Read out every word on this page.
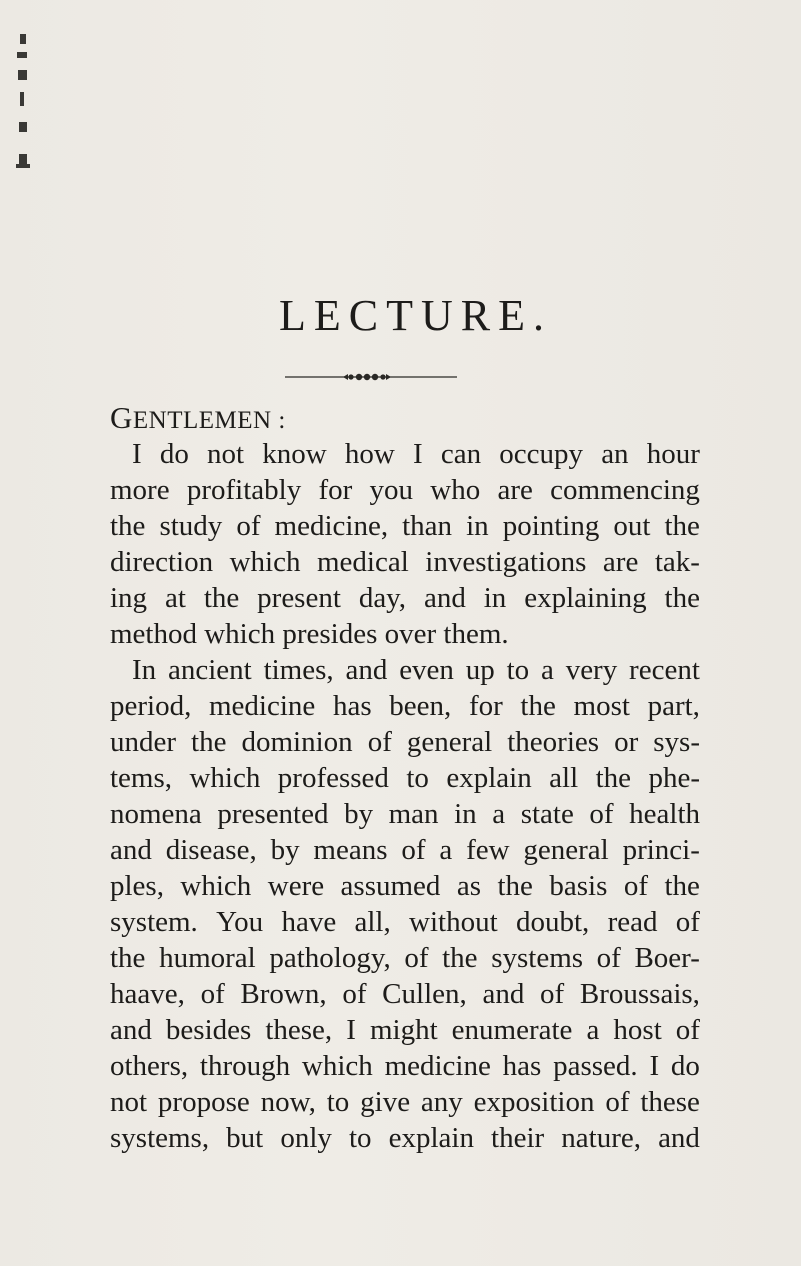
LECTURE.
GENTLEMEN :
I do not know how I can occupy an hour
more profitably for you who are commencing
the study of medicine, than in pointing out the
direction which medical investigations are tak-
ing at the present day, and in explaining the
method which presides over them.
In ancient times, and even up to a very recent
period, medicine has been, for the most part,
under the dominion of general theories or sys-
tems, which professed to explain all the phe-
nomena presented by man in a state of health
and disease, by means of a few general princi-
ples, which were assumed as the basis of the
system. You have all, without doubt, read of
the humoral pathology, of the systems of Boer-
haave, of Brown, of Cullen, and of Broussais,
and besides these, I might enumerate a host of
others, through which medicine has passed. I do
not propose now, to give any exposition of these
systems, but only to explain their nature, and
